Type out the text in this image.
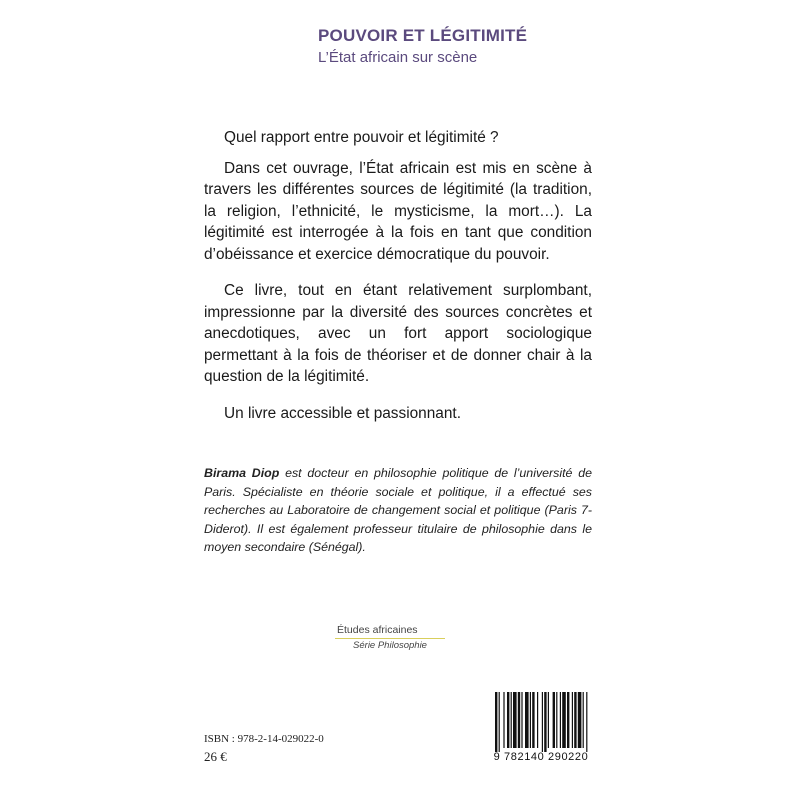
POUVOIR ET LÉGITIMITÉ
L’État africain sur scène

Quel rapport entre pouvoir et légitimité ?

Dans cet ouvrage, l’État africain est mis en scène à travers les différentes sources de légitimité (la tradition, la religion, l’ethnicité, le mysticisme, la mort…). La légitimité est interrogée à la fois en tant que condition d’obéissance et exercice démocratique du pouvoir.

Ce livre, tout en étant relativement surplombant, impressionne par la diversité des sources concrètes et anecdotiques, avec un fort apport sociologique permettant à la fois de théoriser et de donner chair à la question de la légitimité.

Un livre accessible et passionnant.

Birama Diop est docteur en philosophie politique de l’université de Paris. Spécialiste en théorie sociale et politique, il a effectué ses recherches au Laboratoire de changement social et politique (Paris 7-Diderot). Il est également professeur titulaire de philosophie dans le moyen secondaire (Sénégal).
Études africaines
Série Philosophie
ISBN : 978-2-14-029022-0
26 €	9 782140 290220
